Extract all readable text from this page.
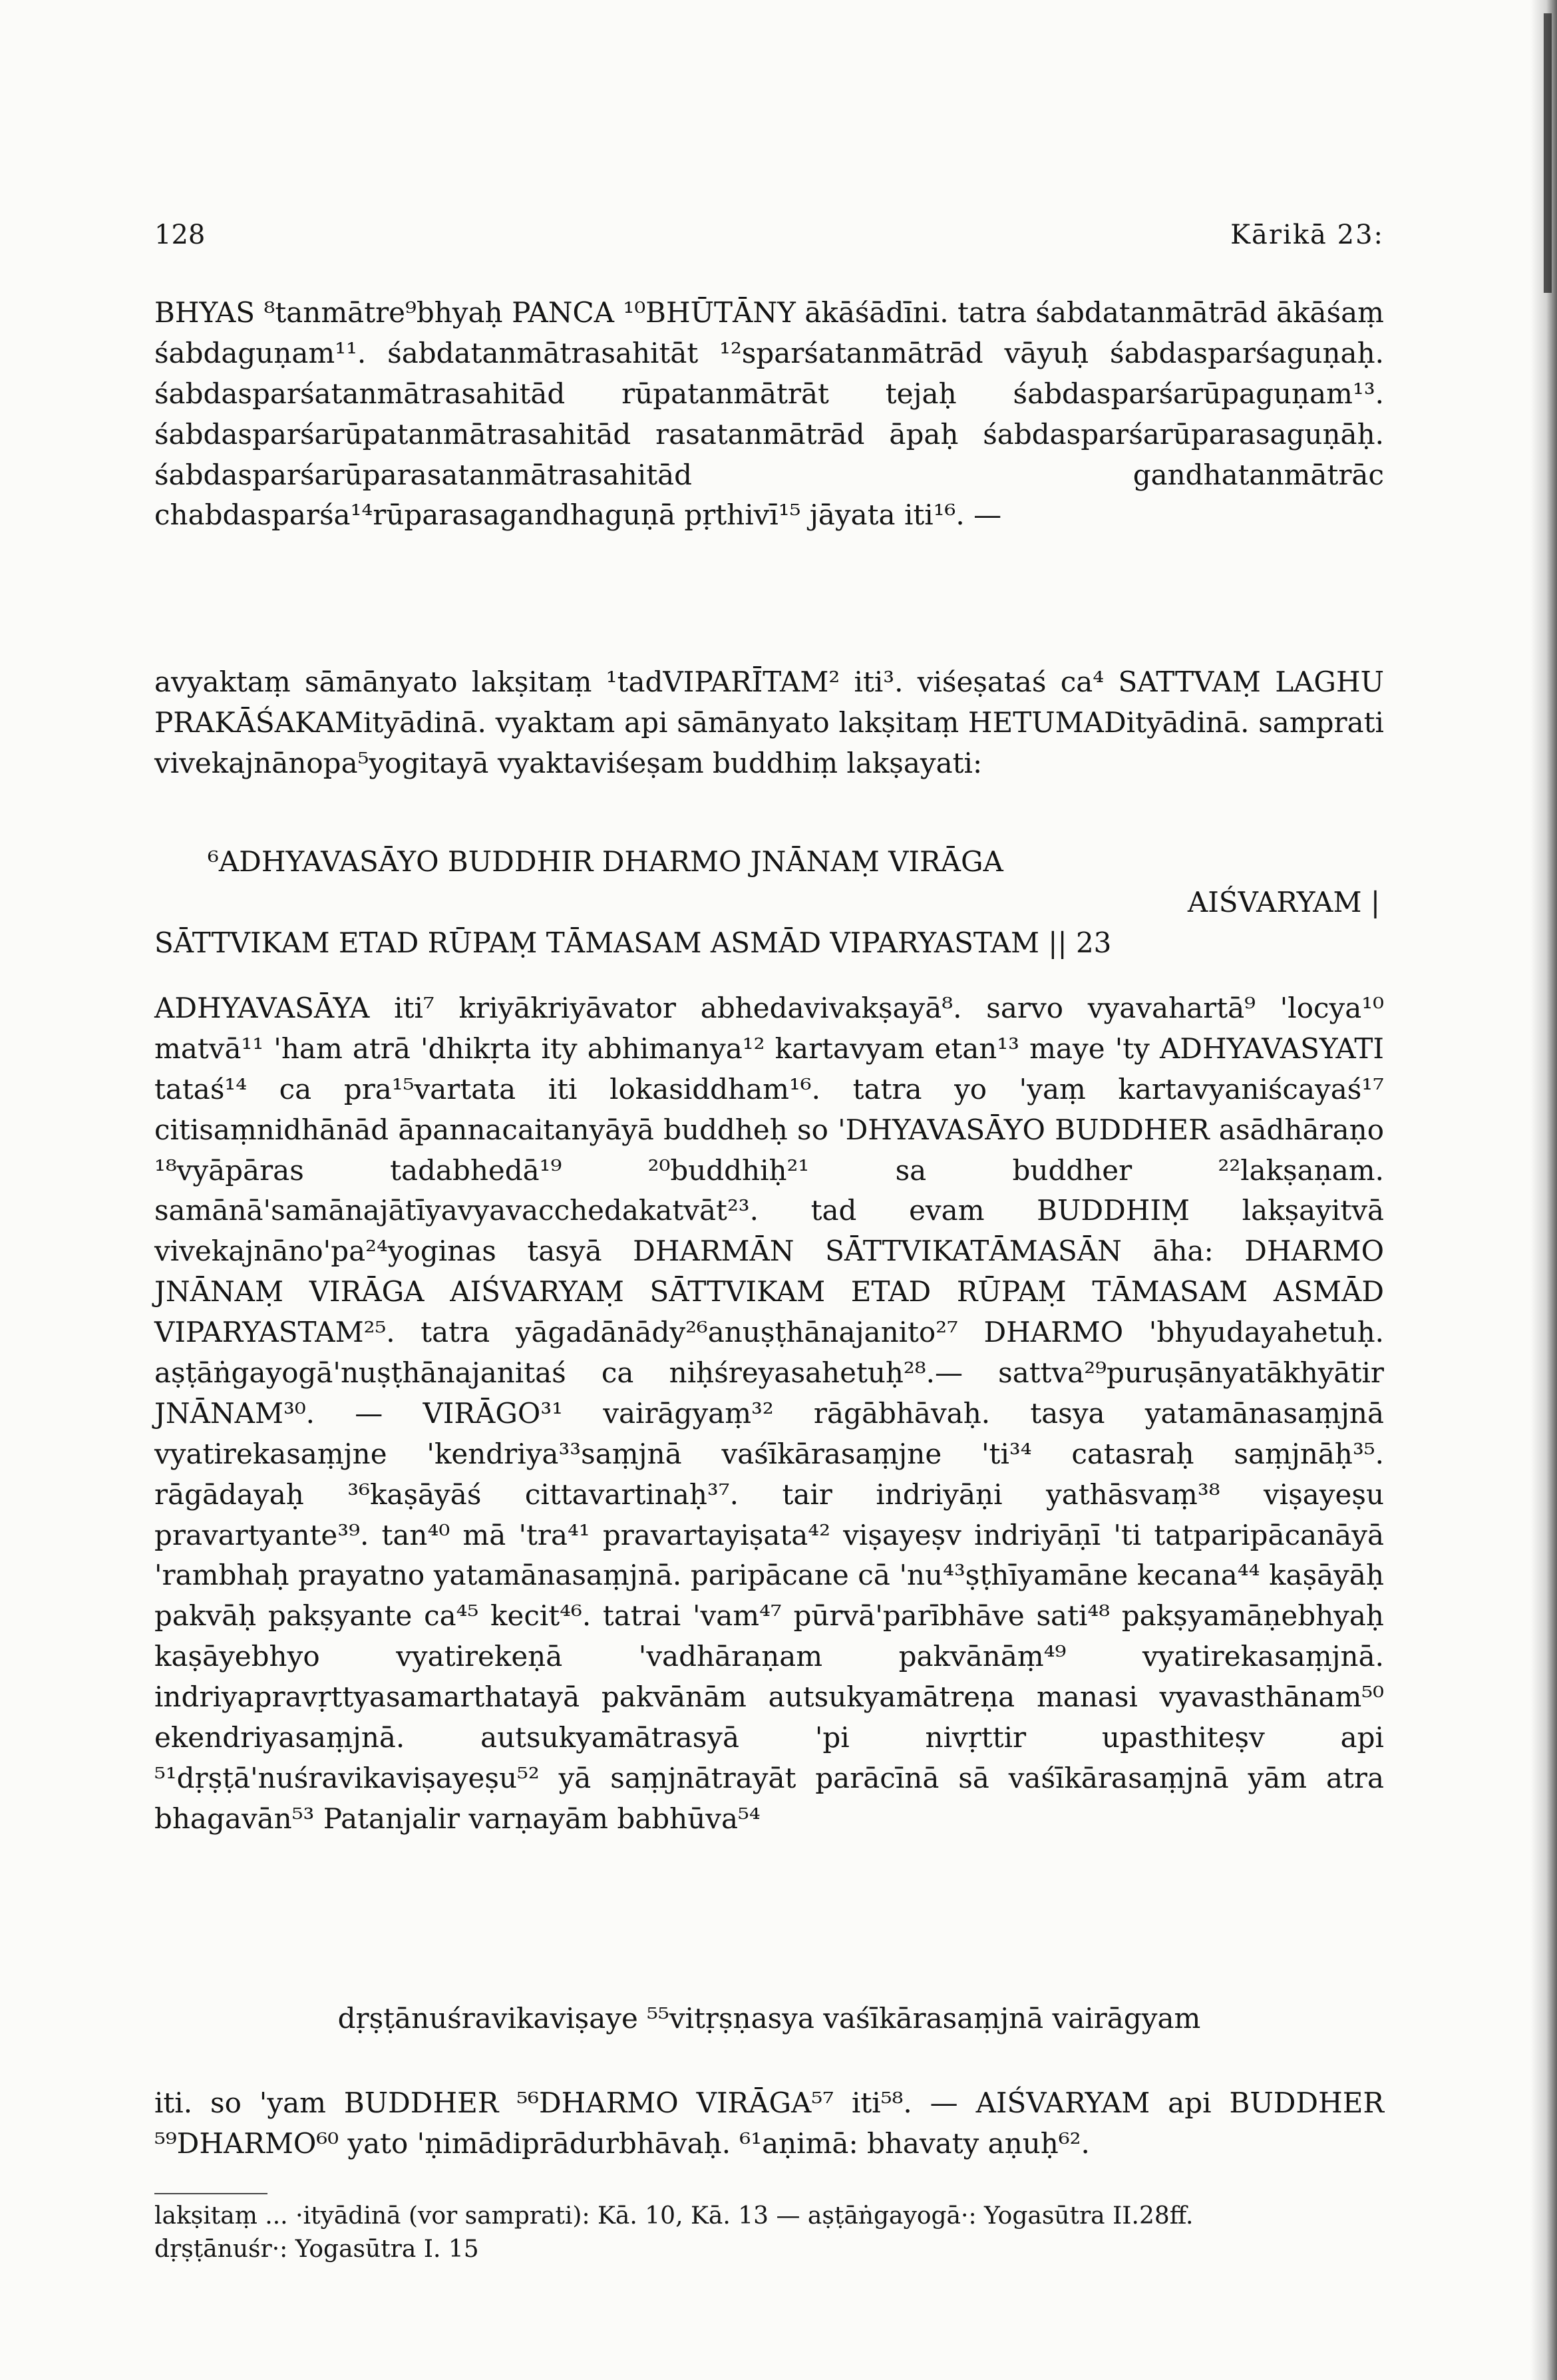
128	Kārikā 23:

BHYAS ⁸tanmātre⁹bhyaḥ PANCA ¹⁰BHŪTĀNY ākāśādīni. tatra śabdatanmātrād ākāśaṃ śabdaguṇam¹¹. śabdatanmātrasahitāt ¹²sparśatanmātrād vāyuḥ śabdasparśaguṇaḥ. śabdasparśatanmātrasahitād rūpatanmātrāt tejaḥ śabdasparśarūpaguṇam¹³. śabdasparśarūpatanmātrasahitād rasatanmātrād āpaḥ śabdasparśarūparasaguṇāḥ. śabdasparśarūparasatanmātrasahitād gandhatanmātrāc chabdasparśa¹⁴rūparasagandhaguṇā pṛthivī¹⁵ jāyata iti¹⁶. —

avyaktaṃ sāmānyato lakṣitaṃ ¹tadVIPARĪTAM² iti³. viśeṣataś ca⁴ SATTVAṂ LAGHU PRAKĀŚAKAMityādinā. vyaktam api sāmānyato lakṣitaṃ HETUMADityādinā. samprati vivekajnānopa⁵yogitayā vyaktaviśeṣam buddhiṃ lakṣayati:

⁶ADHYAVASĀYO BUDDHIR DHARMO JNĀNAṂ VIRĀGA
AIŚVARYAM |
SĀTTVIKAM ETAD RŪPAṂ TĀMASAM ASMĀD VIPARYASTAM || 23

ADHYAVASĀYA iti⁷ kriyākriyāvator abhedavivakṣayā⁸. sarvo vyavahartā⁹ 'locya¹⁰ matvā¹¹ 'ham atrā 'dhikṛta ity abhimanya¹² kartavyam etan¹³ maye 'ty ADHYAVASYATI tataś¹⁴ ca pra¹⁵vartata iti lokasiddham¹⁶. tatra yo 'yaṃ kartavyaniścayaś¹⁷ citisaṃnidhānād āpannacaitanyāyā buddheḥ so 'DHYAVASĀYO BUDDHER asādhāraṇo ¹⁸vyāpāras tadabhedā¹⁹ ²⁰buddhiḥ²¹ sa buddher ²²lakṣaṇam. samānā'samānajātīyavyavacchedakatvāt²³. tad evam BUDDHIṂ lakṣayitvā vivekajnāno'pa²⁴yoginas tasyā DHARMĀN SĀTTVIKATĀMASĀN āha: DHARMO JNĀNAṂ VIRĀGA AIŚVARYAṂ SĀTTVIKAM ETAD RŪPAṂ TĀMASAM ASMĀD VIPARYASTAM²⁵. tatra yāgadānādy²⁶anuṣṭhānajanito²⁷ DHARMO 'bhyudayahetuḥ. aṣṭāṅgayogā'nuṣṭhānajanitaś ca niḥśreyasahetuḥ²⁸.— sattva²⁹puruṣānyatākhyātir JNĀNAM³⁰. — VIRĀGO³¹ vairāgyaṃ³² rāgābhāvaḥ. tasya yatamānasaṃjnā vyatirekasaṃjne 'kendriya³³saṃjnā vaśīkārasaṃjne 'ti³⁴ catasraḥ saṃjnāḥ³⁵. rāgādayaḥ ³⁶kaṣāyāś cittavartinaḥ³⁷. tair indriyāṇi yathāsvaṃ³⁸ viṣayeṣu pravartyante³⁹. tan⁴⁰ mā 'tra⁴¹ pravartayiṣata⁴² viṣayeṣv indriyāṇī 'ti tatparipācanāyā 'rambhaḥ prayatno yatamānasaṃjnā. paripācane cā 'nu⁴³ṣṭhīyamāne kecana⁴⁴ kaṣāyāḥ pakvāḥ pakṣyante ca⁴⁵ kecit⁴⁶. tatrai 'vam⁴⁷ pūrvā'parībhāve sati⁴⁸ pakṣyamāṇebhyaḥ kaṣāyebhyo vyatirekeṇā 'vadhāraṇam pakvānāṃ⁴⁹ vyatirekasaṃjnā. indriyapravṛttyasamarthatayā pakvānām autsukyamātreṇa manasi vyavasthānam⁵⁰ ekendriyasaṃjnā. autsukyamātrasyā 'pi nivṛttir upasthiteṣv api ⁵¹dṛṣṭā'nuśravikaviṣayeṣu⁵² yā saṃjnātrayāt parācīnā sā vaśīkārasaṃjnā yām atra bhagavān⁵³ Patanjalir varṇayām babhūva⁵⁴

dṛṣṭānuśravikaviṣaye ⁵⁵vitṛṣṇasya vaśīkārasaṃjnā vairāgyam

iti. so 'yam BUDDHER ⁵⁶DHARMO VIRĀGA⁵⁷ iti⁵⁸. — AIŚVARYAM api BUDDHER ⁵⁹DHARMO⁶⁰ yato 'ṇimādiprādurbhāvaḥ. ⁶¹aṇimā: bhavaty aṇuḥ⁶².

lakṣitaṃ ... ·ityādinā (vor samprati): Kā. 10, Kā. 13 — aṣṭāṅgayogā·: Yogasūtra II.28ff.
dṛṣṭānuśr·: Yogasūtra I. 15
